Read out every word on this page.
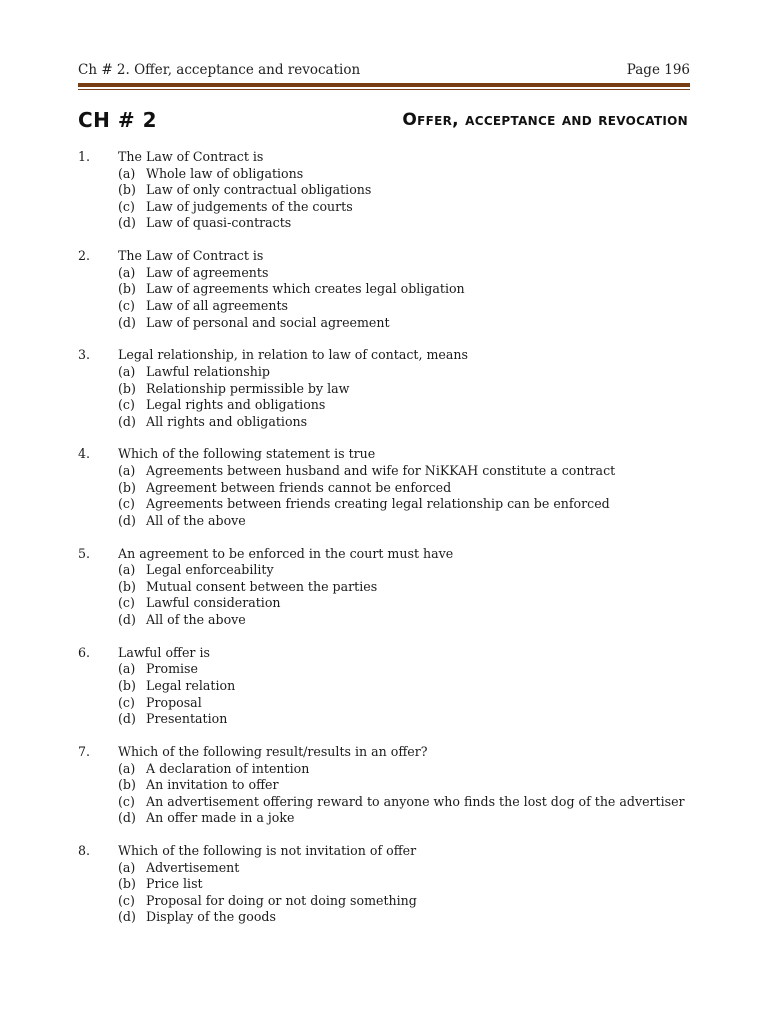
Ch # 2. Offer, acceptance and revocation	Page 196
CH # 2	Offer, acceptance and revocation
1.	The Law of Contract is
(a) Whole law of obligations
(b) Law of only contractual obligations
(c) Law of judgements of the courts
(d) Law of quasi-contracts
2.	The Law of Contract is
(a) Law of agreements
(b) Law of agreements which creates legal obligation
(c) Law of all agreements
(d) Law of personal and social agreement
3.	Legal relationship, in relation to law of contact, means
(a) Lawful relationship
(b) Relationship permissible by law
(c) Legal rights and obligations
(d) All rights and obligations
4.	Which of the following statement is true
(a) Agreements between husband and wife for NiKKAH constitute a contract
(b) Agreement between friends cannot be enforced
(c) Agreements between friends creating legal relationship can be enforced
(d) All of the above
5.	An agreement to be enforced in the court must have
(a) Legal enforceability
(b) Mutual consent between the parties
(c) Lawful consideration
(d) All of the above
6.	Lawful offer is
(a) Promise
(b) Legal relation
(c) Proposal
(d) Presentation
7.	Which of the following result/results in an offer?
(a) A declaration of intention
(b) An invitation to offer
(c) An advertisement offering reward to anyone who finds the lost dog of the advertiser
(d) An offer made in a joke
8.	Which of the following is not invitation of offer
(a) Advertisement
(b) Price list
(c) Proposal for doing or not doing something
(d) Display of the goods
